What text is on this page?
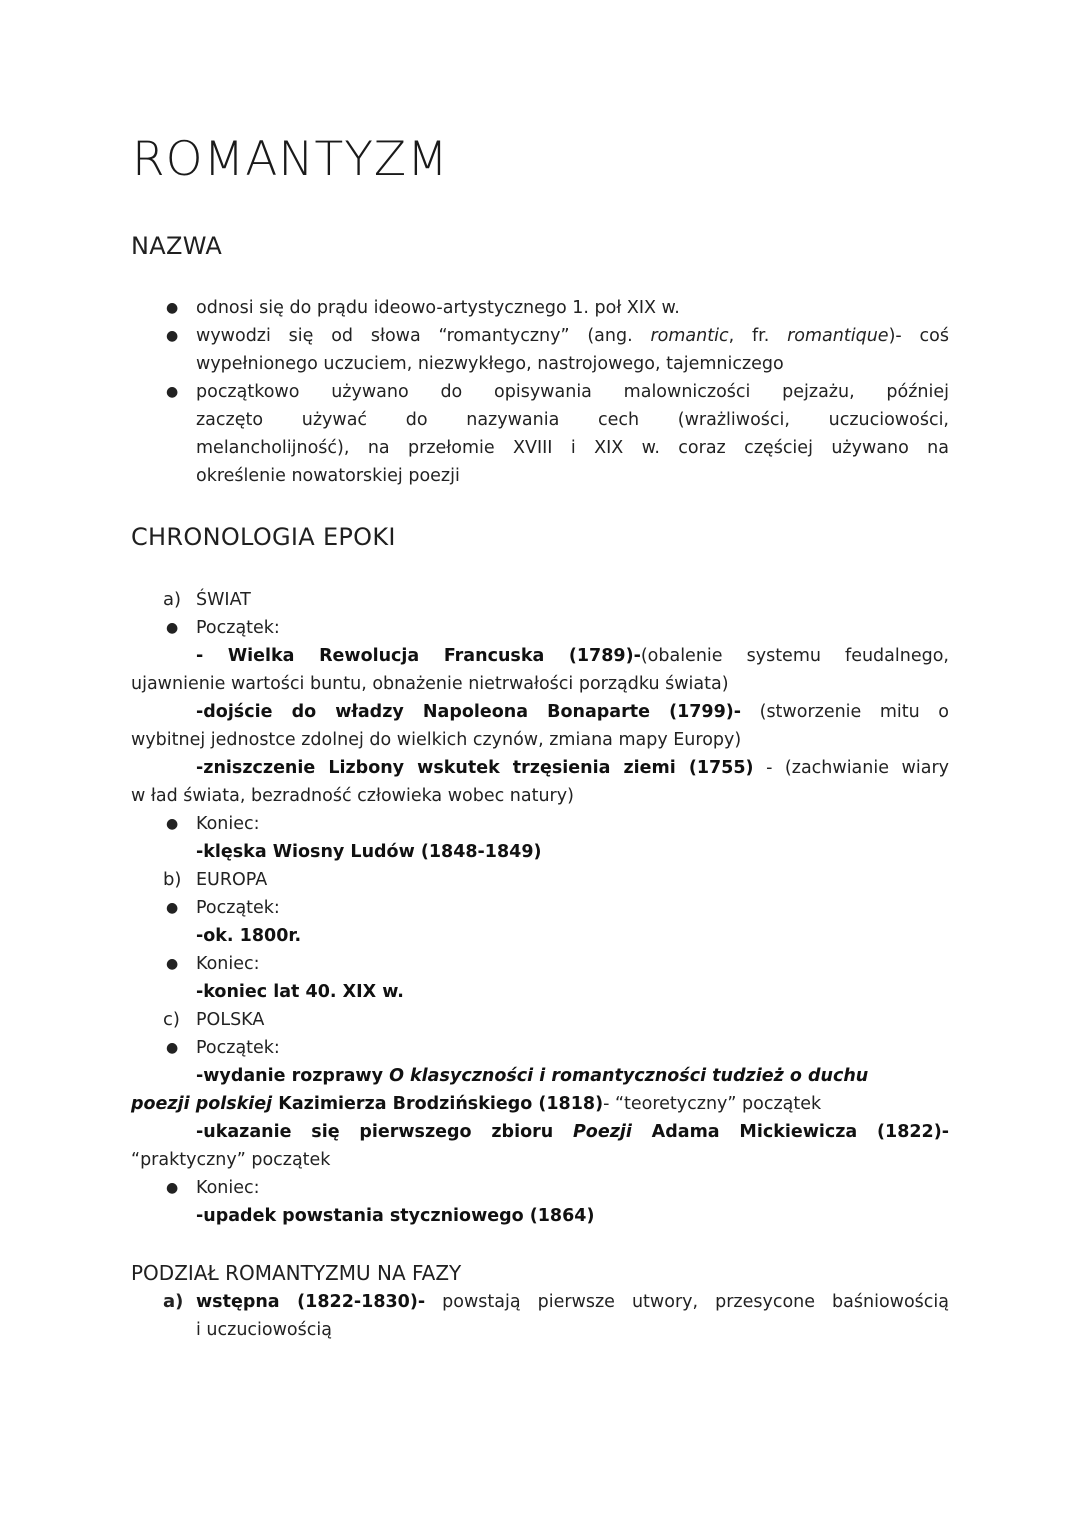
ROMANTYZM
NAZWA
● odnosi się do prądu ideowo-artystycznego 1. poł XIX w.

● wywodzi się od słowa “romantyczny” (ang. romantic, fr. romantique)- coś

wypełnionego uczuciem, niezwykłego, nastrojowego, tajemniczego

● początkowo używano do opisywania malowniczości pejzażu, później

zaczęto używać do nazywania cech (wrażliwości, uczuciowości,

melancholijność), na przełomie XVIII i XIX w. coraz częściej używano na

określenie nowatorskiej poezji

CHRONOLOGIA EPOKI
a) ŚWIAT

● Początek:

- Wielka Rewolucja Francuska (1789)-(obalenie systemu feudalnego,

ujawnienie wartości buntu, obnażenie nietrwałości porządku świata)

-dojście do władzy Napoleona Bonaparte (1799)- (stworzenie mitu o

wybitnej jednostce zdolnej do wielkich czynów, zmiana mapy Europy)

-zniszczenie Lizbony wskutek trzęsienia ziemi (1755) - (zachwianie wiary

w ład świata, bezradność człowieka wobec natury)

● Koniec:

-klęska Wiosny Ludów (1848-1849)

b) EUROPA

● Początek:

-ok. 1800r.

● Koniec:

-koniec lat 40. XIX w.

c) POLSKA

● Początek:

-wydanie rozprawy O klasyczności i romantyczności tudzież o duchu

poezji polskiej Kazimierza Brodzińskiego (1818)- “teoretyczny” początek

-ukazanie się pierwszego zbioru Poezji Adama Mickiewicza (1822)-

“praktyczny” początek

● Koniec:

-upadek powstania styczniowego (1864)

PODZIAŁ ROMANTYZMU NA FAZY
a) wstępna (1822-1830)- powstają pierwsze utwory, przesycone baśniowością

i uczuciowością
